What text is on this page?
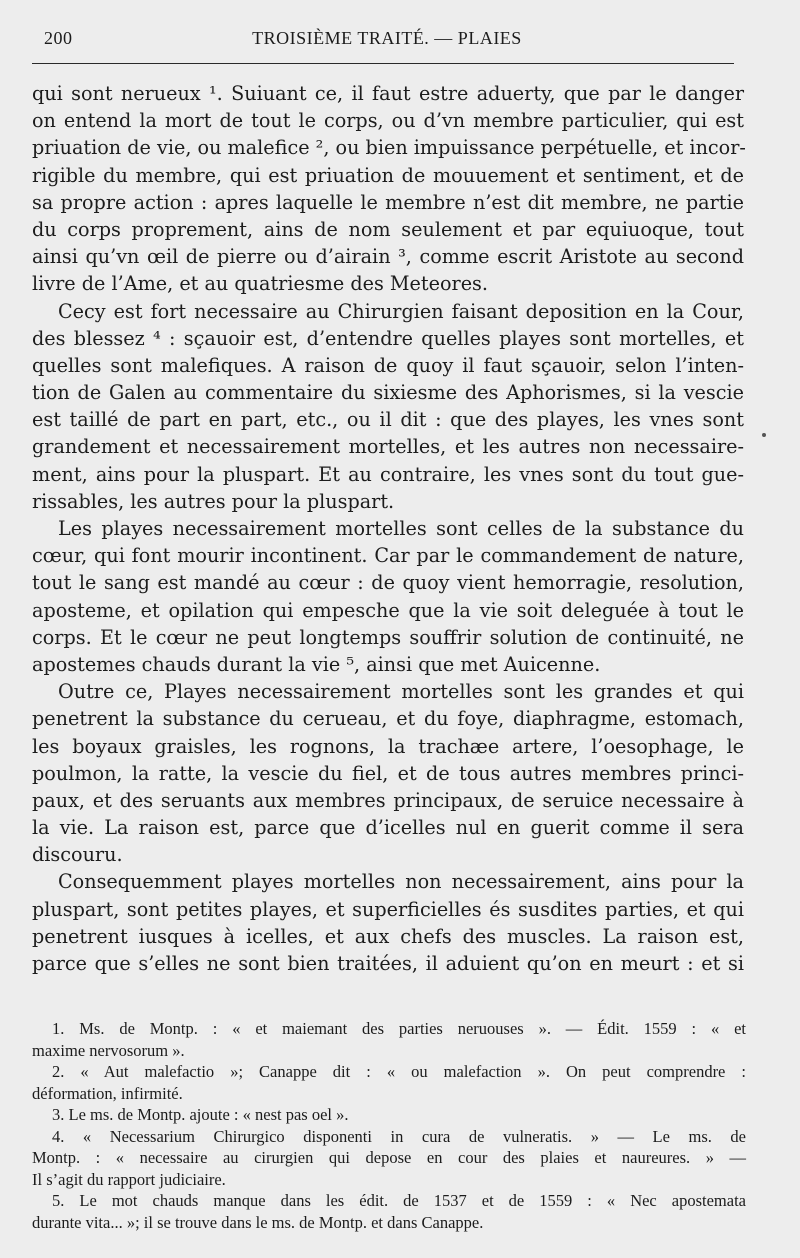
200	TROISIÈME TRAITÉ. — PLAIES
qui sont nerueux ¹. Suiuant ce, il faut estre aduerty, que par le danger
on entend la mort de tout le corps, ou d’vn membre particulier, qui est
priuation de vie, ou malefice ², ou bien impuissance perpétuelle, et incor-
rigible du membre, qui est priuation de mouuement et sentiment, et de
sa propre action : apres laquelle le membre n’est dit membre, ne partie
du corps proprement, ains de nom seulement et par equiuoque, tout
ainsi qu’vn œil de pierre ou d’airain ³, comme escrit Aristote au second
livre de l’Ame, et au quatriesme des Meteores.
Cecy est fort necessaire au Chirurgien faisant deposition en la Cour,
des blessez ⁴ : sçauoir est, d’entendre quelles playes sont mortelles, et
quelles sont malefiques. A raison de quoy il faut sçauoir, selon l’inten-
tion de Galen au commentaire du sixiesme des Aphorismes, si la vescie
est taillé de part en part, etc., ou il dit : que des playes, les vnes sont
grandement et necessairement mortelles, et les autres non necessaire-
ment, ains pour la pluspart. Et au contraire, les vnes sont du tout gue-
rissables, les autres pour la pluspart.
Les playes necessairement mortelles sont celles de la substance du
cœur, qui font mourir incontinent. Car par le commandement de nature,
tout le sang est mandé au cœur : de quoy vient hemorragie, resolution,
aposteme, et opilation qui empesche que la vie soit deleguée à tout le
corps. Et le cœur ne peut longtemps souffrir solution de continuité, ne
apostemes chauds durant la vie ⁵, ainsi que met Auicenne.
Outre ce, Playes necessairement mortelles sont les grandes et qui
penetrent la substance du cerueau, et du foye, diaphragme, estomach,
les boyaux graisles, les rognons, la trachæe artere, l’oesophage, le
poulmon, la ratte, la vescie du fiel, et de tous autres membres princi-
paux, et des seruants aux membres principaux, de seruice necessaire à
la vie. La raison est, parce que d’icelles nul en guerit comme il sera
discouru.
Consequemment playes mortelles non necessairement, ains pour la
pluspart, sont petites playes, et superficielles és susdites parties, et qui
penetrent iusques à icelles, et aux chefs des muscles. La raison est,
parce que s’elles ne sont bien traitées, il aduient qu’on en meurt : et si
1. Ms. de Montp. : « et maiemant des parties neruouses ». — Édit. 1559 : « et
maxime nervosorum ».
2. « Aut malefactio »; Canappe dit : « ou malefaction ». On peut comprendre :
déformation, infirmité.
3. Le ms. de Montp. ajoute : « nest pas oel ».
4. « Necessarium Chirurgico disponenti in cura de vulneratis. » — Le ms. de
Montp. : « necessaire au cirurgien qui depose en cour des plaies et naureures. » —
Il s’agit du rapport judiciaire.
5. Le mot chauds manque dans les édit. de 1537 et de 1559 : « Nec apostemata
durante vita... »; il se trouve dans le ms. de Montp. et dans Canappe.
